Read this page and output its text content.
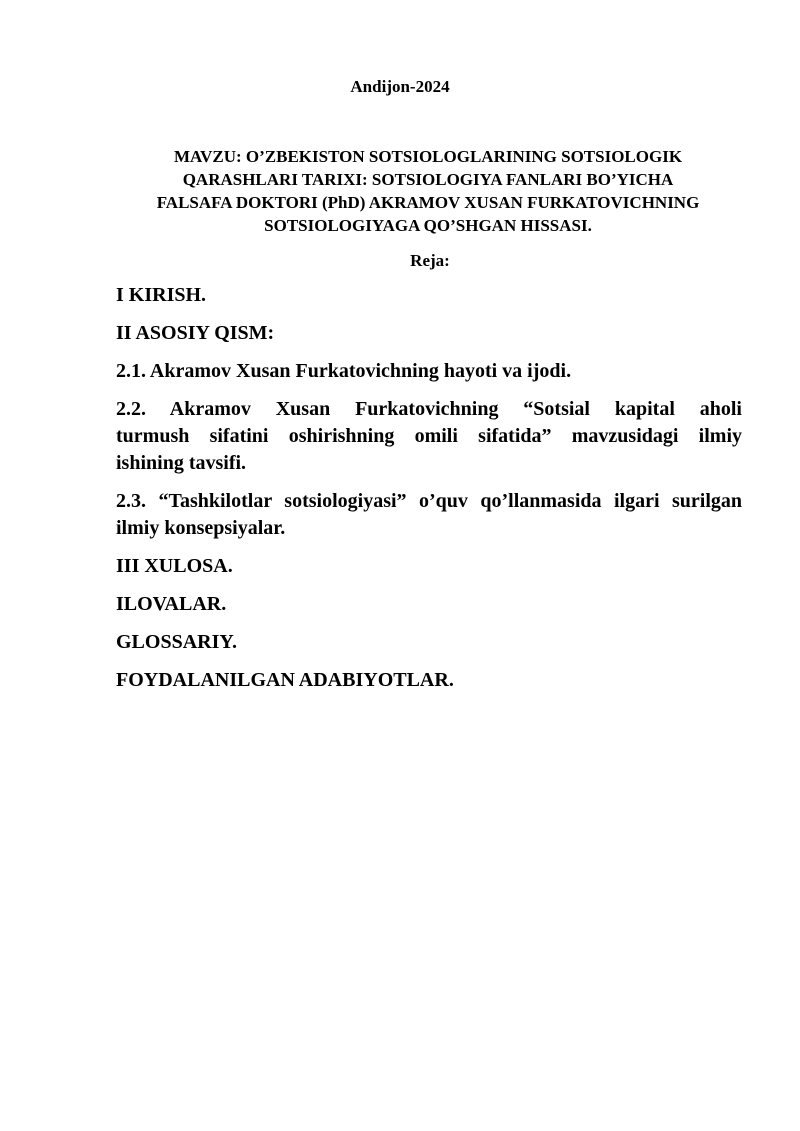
Andijon-2024
MAVZU: O’ZBEKISTON SOTSIOLOGLARINING SOTSIOLOGIK
QARASHLARI TARIXI: SOTSIOLOGIYA FANLARI BO’YICHA
FALSAFA DOKTORI (PhD) AKRAMOV XUSAN FURKATOVICHNING
SOTSIOLOGIYAGA QO’SHGAN HISSASI.
Reja:
I KIRISH.
II ASOSIY QISM:
2.1. Akramov Xusan Furkatovichning hayoti va ijodi.
2.2. Akramov Xusan Furkatovichning “Sotsial kapital aholi
turmush sifatini oshirishning omili sifatida” mavzusidagi ilmiy
ishining tavsifi.
2.3. “Tashkilotlar sotsiologiyasi” o’quv qo’llanmasida ilgari surilgan
ilmiy konsepsiyalar.
III XULOSA.
ILOVALAR.
GLOSSARIY.
FOYDALANILGAN ADABIYOTLAR.
